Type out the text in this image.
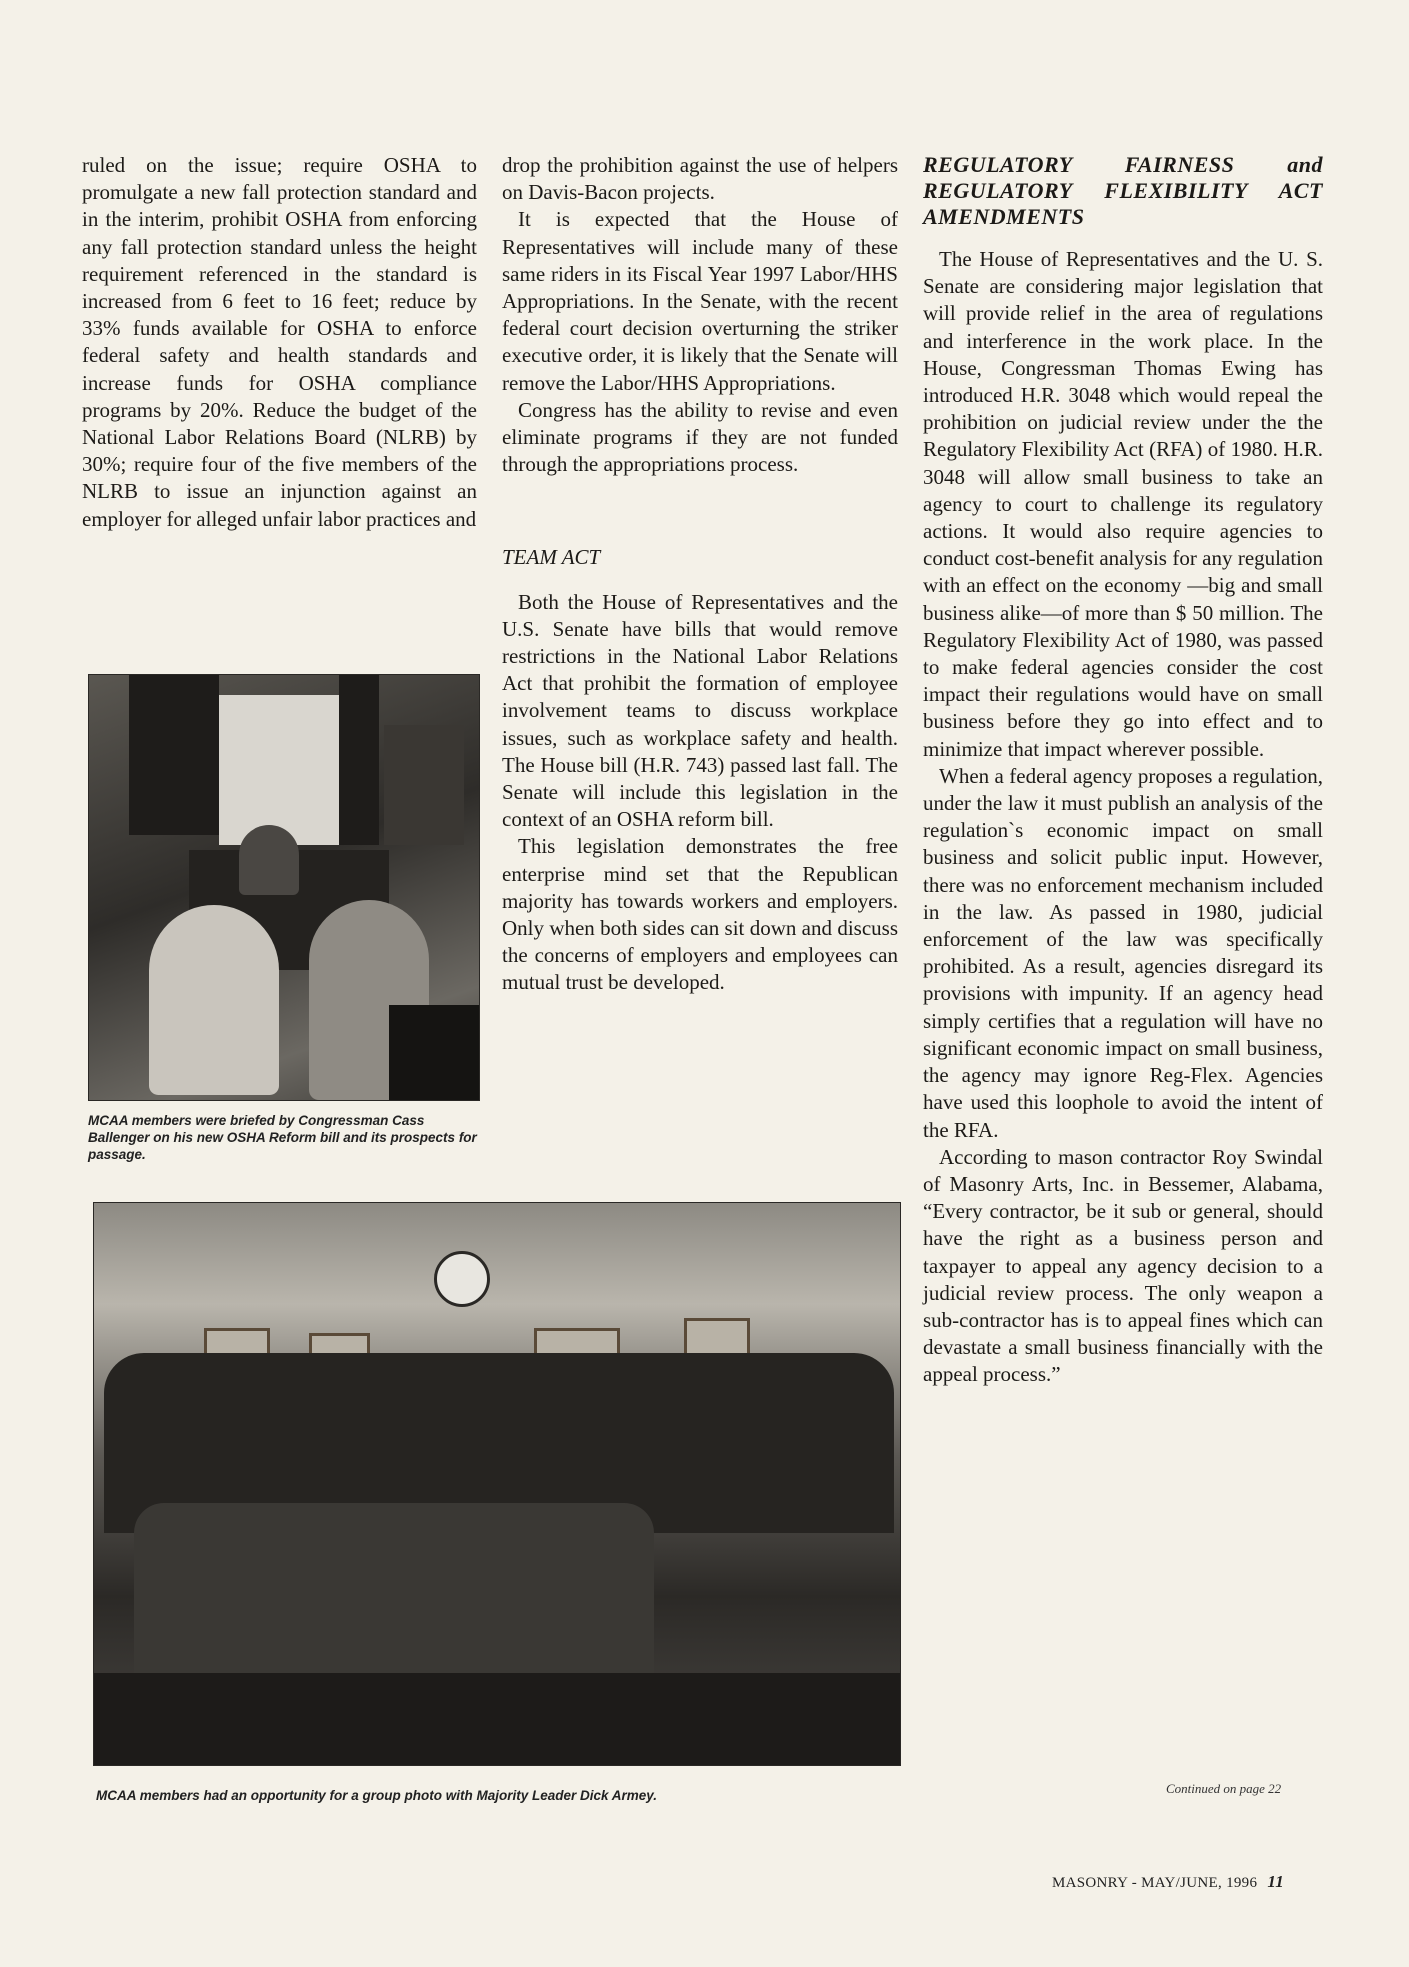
ruled on the issue; require OSHA to promulgate a new fall protection standard and in the interim, prohibit OSHA from enforcing any fall protection standard unless the height requirement referenced in the standard is increased from 6 feet to 16 feet; reduce by 33% funds available for OSHA to enforce federal safety and health standards and increase funds for OSHA compliance programs by 20%. Reduce the budget of the National Labor Relations Board (NLRB) by 30%; require four of the five members of the NLRB to issue an injunction against an employer for alleged unfair labor practices and

MCAA members were briefed by Congressman Cass Ballenger on his new OSHA Reform bill and its prospects for passage.

drop the prohibition against the use of helpers on Davis-Bacon projects.

It is expected that the House of Representatives will include many of these same riders in its Fiscal Year 1997 Labor/HHS Appropriations. In the Senate, with the recent federal court decision overturning the striker executive order, it is likely that the Senate will remove the Labor/HHS Appropriations.

Congress has the ability to revise and even eliminate programs if they are not funded through the appropriations process.

TEAM ACT

Both the House of Representatives and the U.S. Senate have bills that would remove restrictions in the National Labor Relations Act that prohibit the formation of employee involvement teams to discuss workplace issues, such as workplace safety and health. The House bill (H.R. 743) passed last fall. The Senate will include this legislation in the context of an OSHA reform bill.

This legislation demonstrates the free enterprise mind set that the Republican majority has towards workers and employers. Only when both sides can sit down and discuss the concerns of employers and employees can mutual trust be developed.

REGULATORY FAIRNESS and REGULATORY FLEXIBILITY ACT AMENDMENTS

The House of Representatives and the U. S. Senate are considering major legislation that will provide relief in the area of regulations and interference in the work place. In the House, Congressman Thomas Ewing has introduced H.R. 3048 which would repeal the prohibition on judicial review under the the Regulatory Flexibility Act (RFA) of 1980. H.R. 3048 will allow small business to take an agency to court to challenge its regulatory actions. It would also require agencies to conduct cost-benefit analysis for any regulation with an effect on the economy —big and small business alike—of more than $ 50 million. The Regulatory Flexibility Act of 1980, was passed to make federal agencies consider the cost impact their regulations would have on small business before they go into effect and to minimize that impact wherever possible.

When a federal agency proposes a regulation, under the law it must publish an analysis of the regulation`s economic impact on small business and solicit public input. However, there was no enforcement mechanism included in the law. As passed in 1980, judicial enforcement of the law was specifically prohibited. As a result, agencies disregard its provisions with impunity. If an agency head simply certifies that a regulation will have no significant economic impact on small business, the agency may ignore Reg-Flex. Agencies have used this loophole to avoid the intent of the RFA.

According to mason contractor Roy Swindal of Masonry Arts, Inc. in Bessemer, Alabama, “Every contractor, be it sub or general, should have the right as a business person and taxpayer to appeal any agency decision to a judicial review process. The only weapon a sub-contractor has is to appeal fines which can devastate a small business financially with the appeal process.”

MCAA members had an opportunity for a group photo with Majority Leader Dick Armey.	Continued on page 22
MASONRY - MAY/JUNE, 1996 11
